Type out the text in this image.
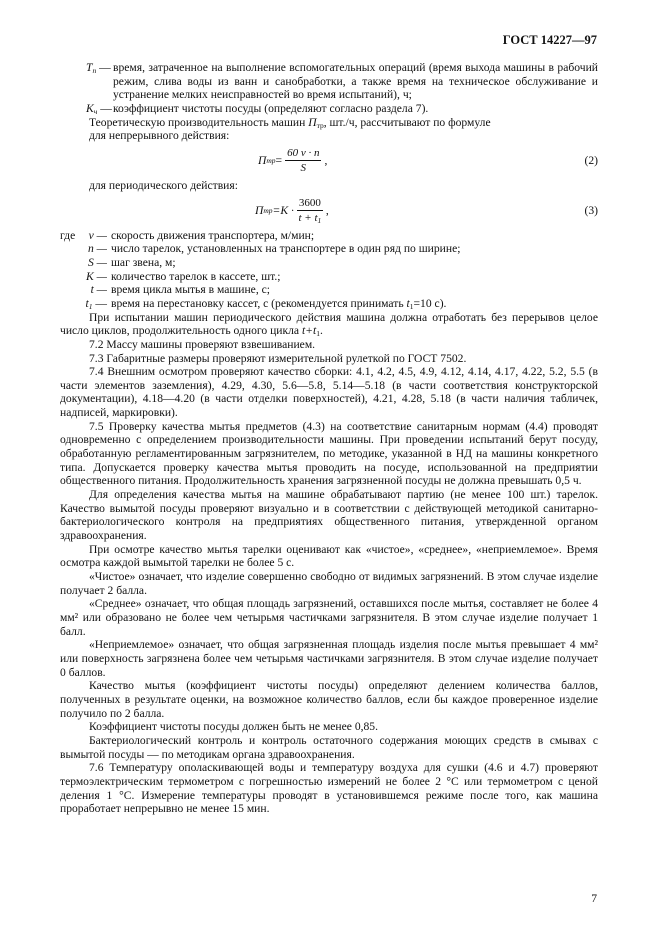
ГОСТ 14227—97
$T_п$ — время, затраченное на выполнение вспомогательных операций (время выхода машины в рабочий режим, слива воды из ванн и санобработки, а также время на техническое обслуживание и устранение мелких неисправностей во время испытаний), ч;
$K_ч$ — коэффициент чистоты посуды (определяют согласно раздела 7).
Теоретическую производительность машин $П_{тр}$, шт./ч, рассчитывают по формуле
для непрерывного действия:
П тр = $\frac{60 v \cdot n}{S}$ ,	(2)
для периодического действия:
П тр $=K \cdot \frac{3600}{t + t_1}$ ,	(3)
где	v — скорость движения транспортера, м/мин;
n — число тарелок, установленных на транспортере в один ряд по ширине;
S — шаг звена, м;
K — количество тарелок в кассете, шт.;
t — время цикла мытья в машине, с;
$t_1$ — время на перестановку кассет, с (рекомендуется принимать $t_1=10$ с).
При испытании машин периодического действия машина должна отработать без перерывов целое число циклов, продолжительность одного цикла $t+t_1$.
7.2 Массу машины проверяют взвешиванием.
7.3 Габаритные размеры проверяют измерительной рулеткой по ГОСТ 7502.
7.4 Внешним осмотром проверяют качество сборки: 4.1, 4.2, 4.5, 4.9, 4.12, 4.14, 4.17, 4.22, 5.2, 5.5 (в части элементов заземления), 4.29, 4.30, 5.6—5.8, 5.14—5.18 (в части соответствия конструкторской документации), 4.18—4.20 (в части отделки поверхностей), 4.21, 4.28, 5.18 (в части наличия табличек, надписей, маркировки).
7.5 Проверку качества мытья предметов (4.3) на соответствие санитарным нормам (4.4) проводят одновременно с определением производительности машины. При проведении испытаний берут посуду, обработанную регламентированным загрязнителем, по методике, указанной в НД на машины конкретного типа. Допускается проверку качества мытья проводить на посуде, использованной на предприятии общественного питания. Продолжительность хранения загрязненной посуды не должна превышать 0,5 ч.
Для определения качества мытья на машине обрабатывают партию (не менее 100 шт.) тарелок. Качество вымытой посуды проверяют визуально и в соответствии с действующей методикой санитарно-бактериологического контроля на предприятиях общественного питания, утвержденной органом здравоохранения.
При осмотре качество мытья тарелки оценивают как «чистое», «среднее», «неприемлемое». Время осмотра каждой вымытой тарелки не более 5 с.
«Чистое» означает, что изделие совершенно свободно от видимых загрязнений. В этом случае изделие получает 2 балла.
«Среднее» означает, что общая площадь загрязнений, оставшихся после мытья, составляет не более 4 мм² или образовано не более чем четырьмя частичками загрязнителя. В этом случае изделие получает 1 балл.
«Неприемлемое» означает, что общая загрязненная площадь изделия после мытья превышает 4 мм² или поверхность загрязнена более чем четырьмя частичками загрязнителя. В этом случае изделие получает 0 баллов.
Качество мытья (коэффициент чистоты посуды) определяют делением количества баллов, полученных в результате оценки, на возможное количество баллов, если бы каждое проверенное изделие получило по 2 балла.
Коэффициент чистоты посуды должен быть не менее 0,85.
Бактериологический контроль и контроль остаточного содержания моющих средств в смывах с вымытой посуды — по методикам органа здравоохранения.
7.6 Температуру ополаскивающей воды и температуру воздуха для сушки (4.6 и 4.7) проверяют термоэлектрическим термометром с погрешностью измерений не более 2 °С или термометром с ценой деления 1 °С. Измерение температуры проводят в установившемся режиме после того, как машина проработает непрерывно не менее 15 мин.
7
